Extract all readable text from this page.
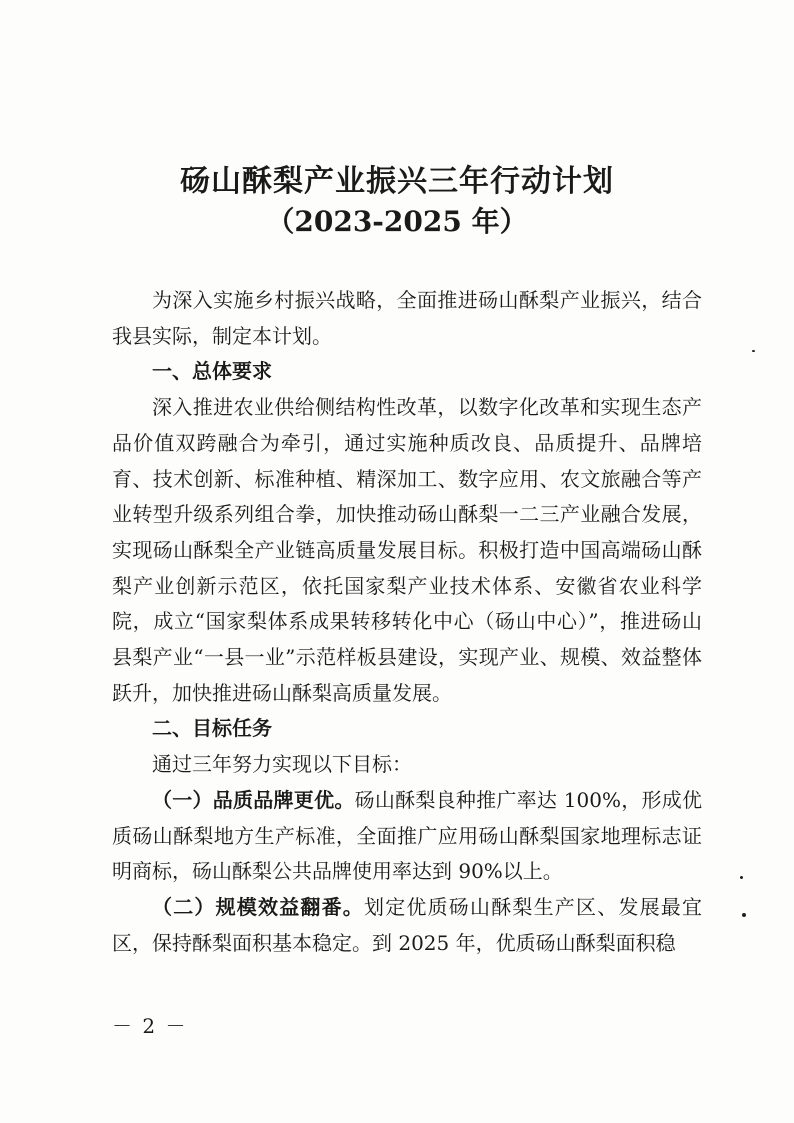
砀山酥梨产业振兴三年行动计划
（2023-2025 年）

为深入实施乡村振兴战略，全面推进砀山酥梨产业振兴，结合我县实际，制定本计划。

一、总体要求

深入推进农业供给侧结构性改革，以数字化改革和实现生态产品价值双跨融合为牵引，通过实施种质改良、品质提升、品牌培育、技术创新、标准种植、精深加工、数字应用、农文旅融合等产业转型升级系列组合拳，加快推动砀山酥梨一二三产业融合发展，实现砀山酥梨全产业链高质量发展目标。积极打造中国高端砀山酥梨产业创新示范区，依托国家梨产业技术体系、安徽省农业科学院，成立“国家梨体系成果转移转化中心（砀山中心）”，推进砀山县梨产业“一县一业”示范样板县建设，实现产业、规模、效益整体跃升，加快推进砀山酥梨高质量发展。

二、目标任务

通过三年努力实现以下目标：

（一）品质品牌更优。砀山酥梨良种推广率达 100%，形成优质砀山酥梨地方生产标准，全面推广应用砀山酥梨国家地理标志证明商标，砀山酥梨公共品牌使用率达到 90%以上。

（二）规模效益翻番。划定优质砀山酥梨生产区、发展最宜区，保持酥梨面积基本稳定。到 2025 年，优质砀山酥梨面积稳

－ 2 －
